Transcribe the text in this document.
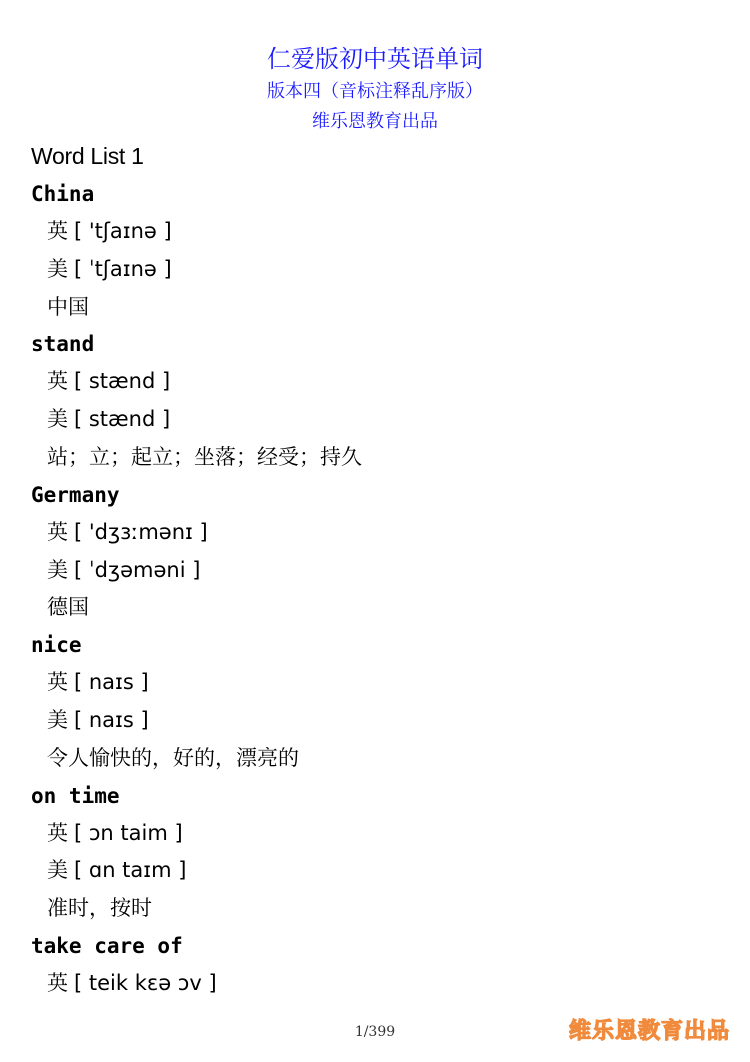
仁爱版初中英语单词
版本四（音标注释乱序版）
维乐恩教育出品
Word List 1
China
英 [ 'tʃaɪnə ]
美 [ ˈtʃaɪnə ]
中国
stand
英 [ stænd ]
美 [ stænd ]
站；立；起立；坐落；经受；持久
Germany
英 [ 'dʒɜːmənɪ ]
美 [ ˈdʒəməni ]
德国
nice
英 [ naɪs ]
美 [ naɪs ]
令人愉快的，好的，漂亮的
on time
英 [ ɔn taim ]
美 [ ɑn taɪm ]
准时，按时
take care of
英 [ teik kɛə ɔv ]
1/399	维乐恩教育出品
